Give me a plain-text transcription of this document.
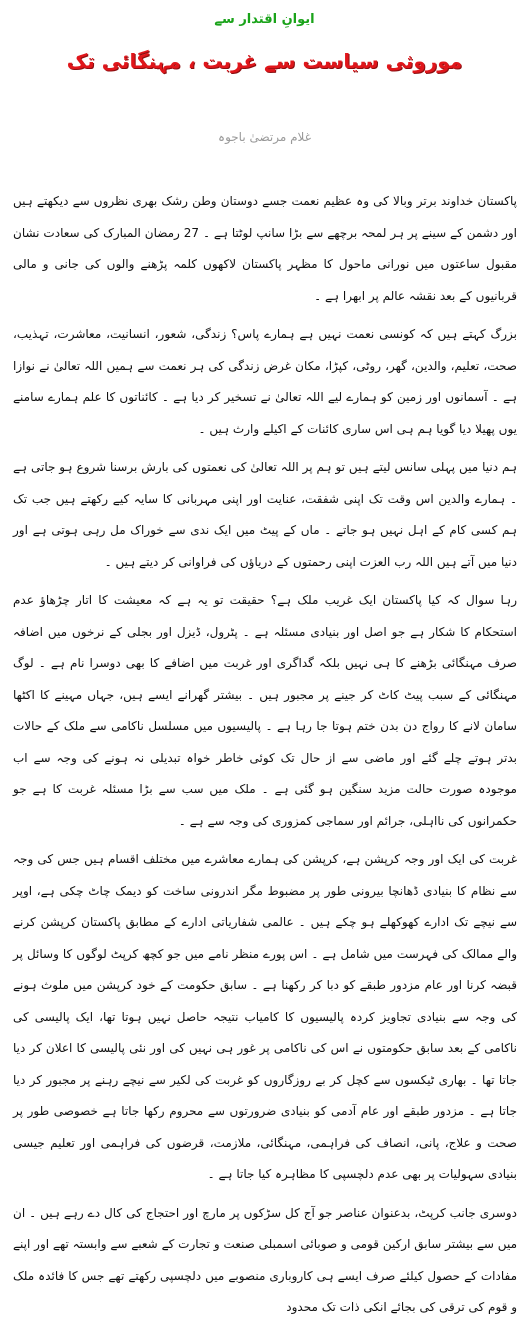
ایوانِ اقتدار سے
موروثی سیاست سے غربت ، مہنگائی تک
غلام مرتضیٰ باجوہ

پاکستان خداوند برتر وبالا کی وہ عظیم نعمت جسے دوستان وطن رشک بھری نظروں سے دیکھتے ہیں اور دشمن کے سینے پر ہر لمحہ برچھے سے بڑا سانپ لوٹتا ہے ۔ 27 رمضان المبارک کی سعادت نشان مقبول ساعتوں میں نورانی ماحول کا مظہر پاکستان لاکھوں کلمہ پڑھنے والوں کی جانی و مالی قربانیوں کے بعد نقشہ عالم پر ابھرا ہے ۔

بزرگ کہتے ہیں کہ کونسی نعمت نہیں ہے ہمارے پاس؟ زندگی، شعور، انسانیت، معاشرت، تہذیب، صحت، تعلیم، والدین، گھر، روٹی، کپڑا، مکان غرض زندگی کی ہر نعمت سے ہمیں اللہ تعالیٰ نے نوازا ہے ۔ آسمانوں اور زمین کو ہمارے لیے اللہ تعالیٰ نے تسخیر کر دیا ہے ۔ کائناتوں کا علم ہمارے سامنے یوں پھیلا دیا گویا ہم ہی اس ساری کائنات کے اکیلے وارث ہیں ۔

ہم دنیا میں پہلی سانس لیتے ہیں تو ہم پر اللہ تعالیٰ کی نعمتوں کی بارش برسنا شروع ہو جاتی ہے ۔ ہمارے والدین اس وقت تک اپنی شفقت، عنایت اور اپنی مہربانی کا سایہ کیے رکھتے ہیں جب تک ہم کسی کام کے اہل نہیں ہو جاتے ۔ ماں کے پیٹ میں ایک ندی سے خوراک مل رہی ہوتی ہے اور دنیا میں آتے ہیں اللہ رب العزت اپنی رحمتوں کے دریاؤں کی فراوانی کر دیتے ہیں ۔

رہا سوال کہ کیا پاکستان ایک غریب ملک ہے؟ حقیقت تو یہ ہے کہ معیشت کا اتار چڑھاؤ عدم استحکام کا شکار ہے جو اصل اور بنیادی مسئلہ ہے ۔ پٹرول، ڈیزل اور بجلی کے نرخوں میں اضافہ صرف مہنگائی بڑھنے کا ہی نہیں بلکہ گداگری اور غربت میں اضافے کا بھی دوسرا نام ہے ۔ لوگ مہنگائی کے سبب پیٹ کاٹ کر جینے پر مجبور ہیں ۔ بیشتر گھرانے ایسے ہیں، جہاں مہینے کا اکٹھا سامان لانے کا رواج دن بدن ختم ہوتا جا رہا ہے ۔ پالیسیوں میں مسلسل ناکامی سے ملک کے حالات بدتر ہوتے چلے گئے اور ماضی سے از حال تک کوئی خاطر خواہ تبدیلی نہ ہونے کی وجہ سے اب موجودہ صورت حالت مزید سنگین ہو گئی ہے ۔ ملک میں سب سے بڑا مسئلہ غربت کا ہے جو حکمرانوں کی نااہلی، جرائم اور سماجی کمزوری کی وجہ سے ہے ۔

غربت کی ایک اور وجہ کرپشن ہے، کرپشن کی ہمارے معاشرے میں مختلف اقسام ہیں جس کی وجہ سے نظام کا بنیادی ڈھانچا بیرونی طور پر مضبوط مگر اندرونی ساخت کو دیمک چاٹ چکی ہے، اوپر سے نیچے تک ادارے کھوکھلے ہو چکے ہیں ۔ عالمی شفاریاتی ادارے کے مطابق پاکستان کرپشن کرنے والے ممالک کی فہرست میں شامل ہے ۔ اس پورے منظر نامے میں جو کچھ کرپٹ لوگوں کا وسائل پر قبضہ کرنا اور عام مزدور طبقے کو دبا کر رکھنا ہے ۔ سابق حکومت کے خود کرپشن میں ملوث ہونے کی وجہ سے بنیادی تجاویز کردہ پالیسیوں کا کامیاب نتیجہ حاصل نہیں ہوتا تھا، ایک پالیسی کی ناکامی کے بعد سابق حکومتوں نے اس کی ناکامی پر غور ہی نہیں کی اور نئی پالیسی کا اعلان کر دیا جاتا تھا ۔ بھاری ٹیکسوں سے کچل کر بے روزگاروں کو غربت کی لکیر سے نیچے رہنے پر مجبور کر دیا جاتا ہے ۔ مزدور طبقے اور عام آدمی کو بنیادی ضرورتوں سے محروم رکھا جاتا ہے خصوصی طور پر صحت و علاج، پانی، انصاف کی فراہمی، مہنگائی، ملازمت، قرضوں کی فراہمی اور تعلیم جیسی بنیادی سہولیات پر بھی عدم دلچسپی کا مظاہرہ کیا جاتا ہے ۔

دوسری جانب کرپٹ، بدعنوان عناصر جو آج کل سڑکوں پر مارچ اور احتجاج کی کال دے رہے ہیں ۔ ان میں سے بیشتر سابق ارکین قومی و صوبائی اسمبلی صنعت و تجارت کے شعبے سے وابستہ تھے اور اپنے مفادات کے حصول کیلئے صرف ایسے ہی کاروباری منصوبے میں دلچسپی رکھتے تھے جس کا فائدہ ملک و قوم کی ترقی کی بجائے انکی ذات تک محدود
